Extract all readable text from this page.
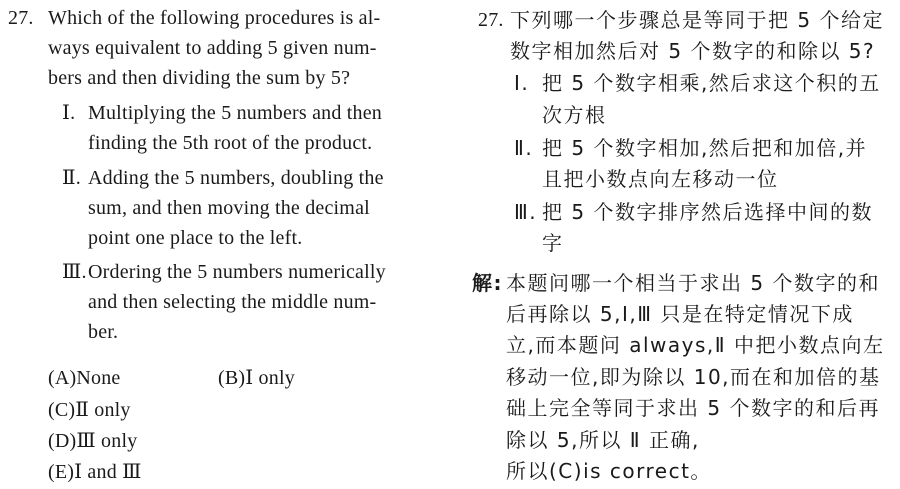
27. Which of the following procedures is al-
ways equivalent to adding 5 given num-
bers and then dividing the sum by 5?
Ⅰ. Multiplying the 5 numbers and then
finding the 5th root of the product.
Ⅱ. Adding the 5 numbers, doubling the
sum, and then moving the decimal
point one place to the left.
Ⅲ. Ordering the 5 numbers numerically
and then selecting the middle num-
ber.
(A)None	(B)Ⅰ only
(C)Ⅱ only
(D)Ⅲ only
(E)Ⅰ and Ⅲ
27. 下列哪一个步骤总是等同于把 5 个给定
数字相加然后对 5 个数字的和除以 5?
Ⅰ. 把 5 个数字相乘,然后求这个积的五
次方根
Ⅱ. 把 5 个数字相加,然后把和加倍,并
且把小数点向左移动一位
Ⅲ. 把 5 个数字排序然后选择中间的数
字
解: 本题问哪一个相当于求出 5 个数字的和
后再除以 5,Ⅰ,Ⅲ 只是在特定情况下成
立,而本题问 always,Ⅱ 中把小数点向左
移动一位,即为除以 10,而在和加倍的基
础上完全等同于求出 5 个数字的和后再
除以 5,所以 Ⅱ 正确,
所以(C)is correct。
